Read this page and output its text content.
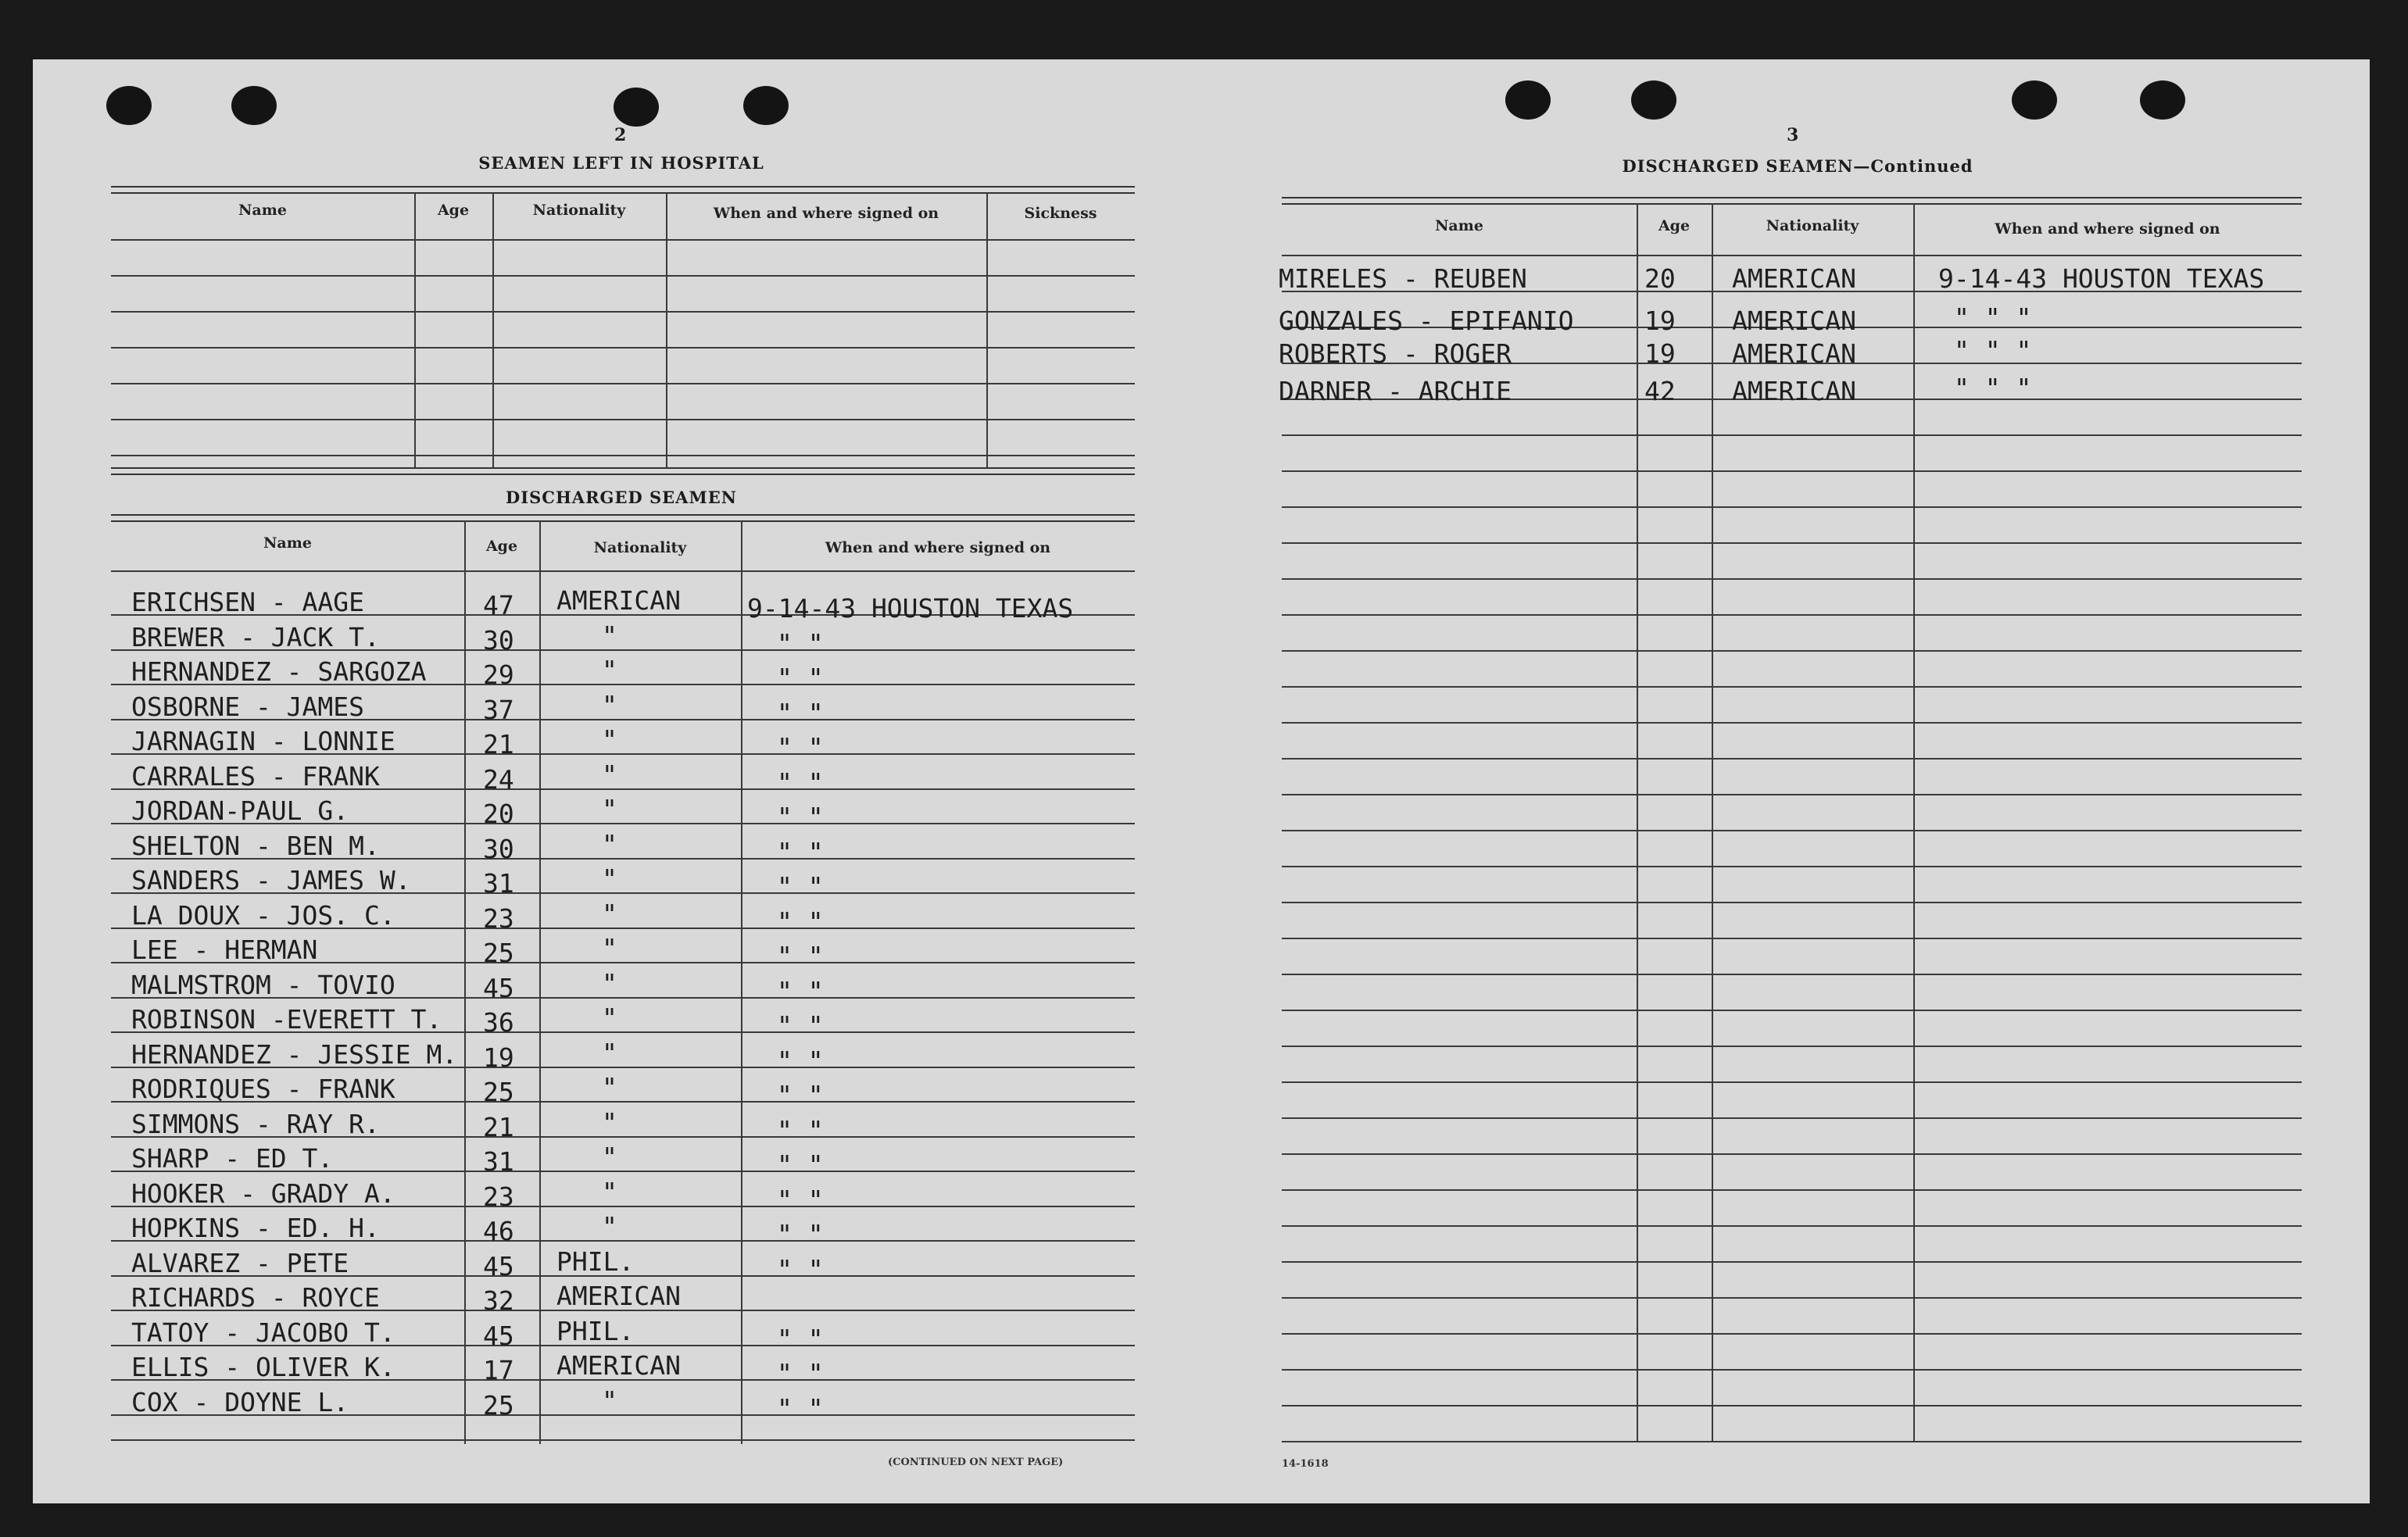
2
SEAMEN LEFT IN HOSPITAL
Name	Age	Nationality	When and where signed on	Sickness
DISCHARGED SEAMEN
Name	Age	Nationality	When and where signed on
ERICHSEN - AAGE	47 AMERICAN	9-14-43 HOUSTON TEXAS
BREWER - JACK T.	30	"	" "
HERNANDEZ - SARGOZA 29	"	" "
OSBORNE - JAMES	37	"	" "
JARNAGIN - LONNIE	21	"	" "
CARRALES - FRANK	24	"	" "
JORDAN-PAUL G.	20	"	" "
SHELTON - BEN M.	30	"	" "
SANDERS - JAMES W.	31	"	" "
LA DOUX - JOS. C.	23	"	" "
LEE - HERMAN	25	"	" "
MALMSTROM - TOVIO	45	"	" "
ROBINSON -EVERETT T. 36	"	" "
HERNANDEZ - JESSIE M. 19	"	" "
RODRIQUES - FRANK	25	"	" "
SIMMONS - RAY R.	21	"	" "
SHARP - ED T.	31	"	" "
HOOKER - GRADY A.	23	"	" "
HOPKINS - ED. H.	46	"	" "
ALVAREZ - PETE	45 PHIL.	" "
RICHARDS - ROYCE	32 AMERICAN
TATOY - JACOBO T.	45 PHIL.	" "
ELLIS - OLIVER K.	17 AMERICAN	" "
COX - DOYNE L.	25	"	" "
(CONTINUED ON NEXT PAGE)
3
DISCHARGED SEAMEN—Continued
Name	Age	Nationality	When and where signed on
MIRELES - REUBEN	20 AMERICAN	9-14-43 HOUSTON TEXAS
GONZALES - EPIFANIO	19 AMERICAN	" " "
ROBERTS - ROGER	19 AMERICAN	" " "
DARNER - ARCHIE	42 AMERICAN	" " "
14-1618
